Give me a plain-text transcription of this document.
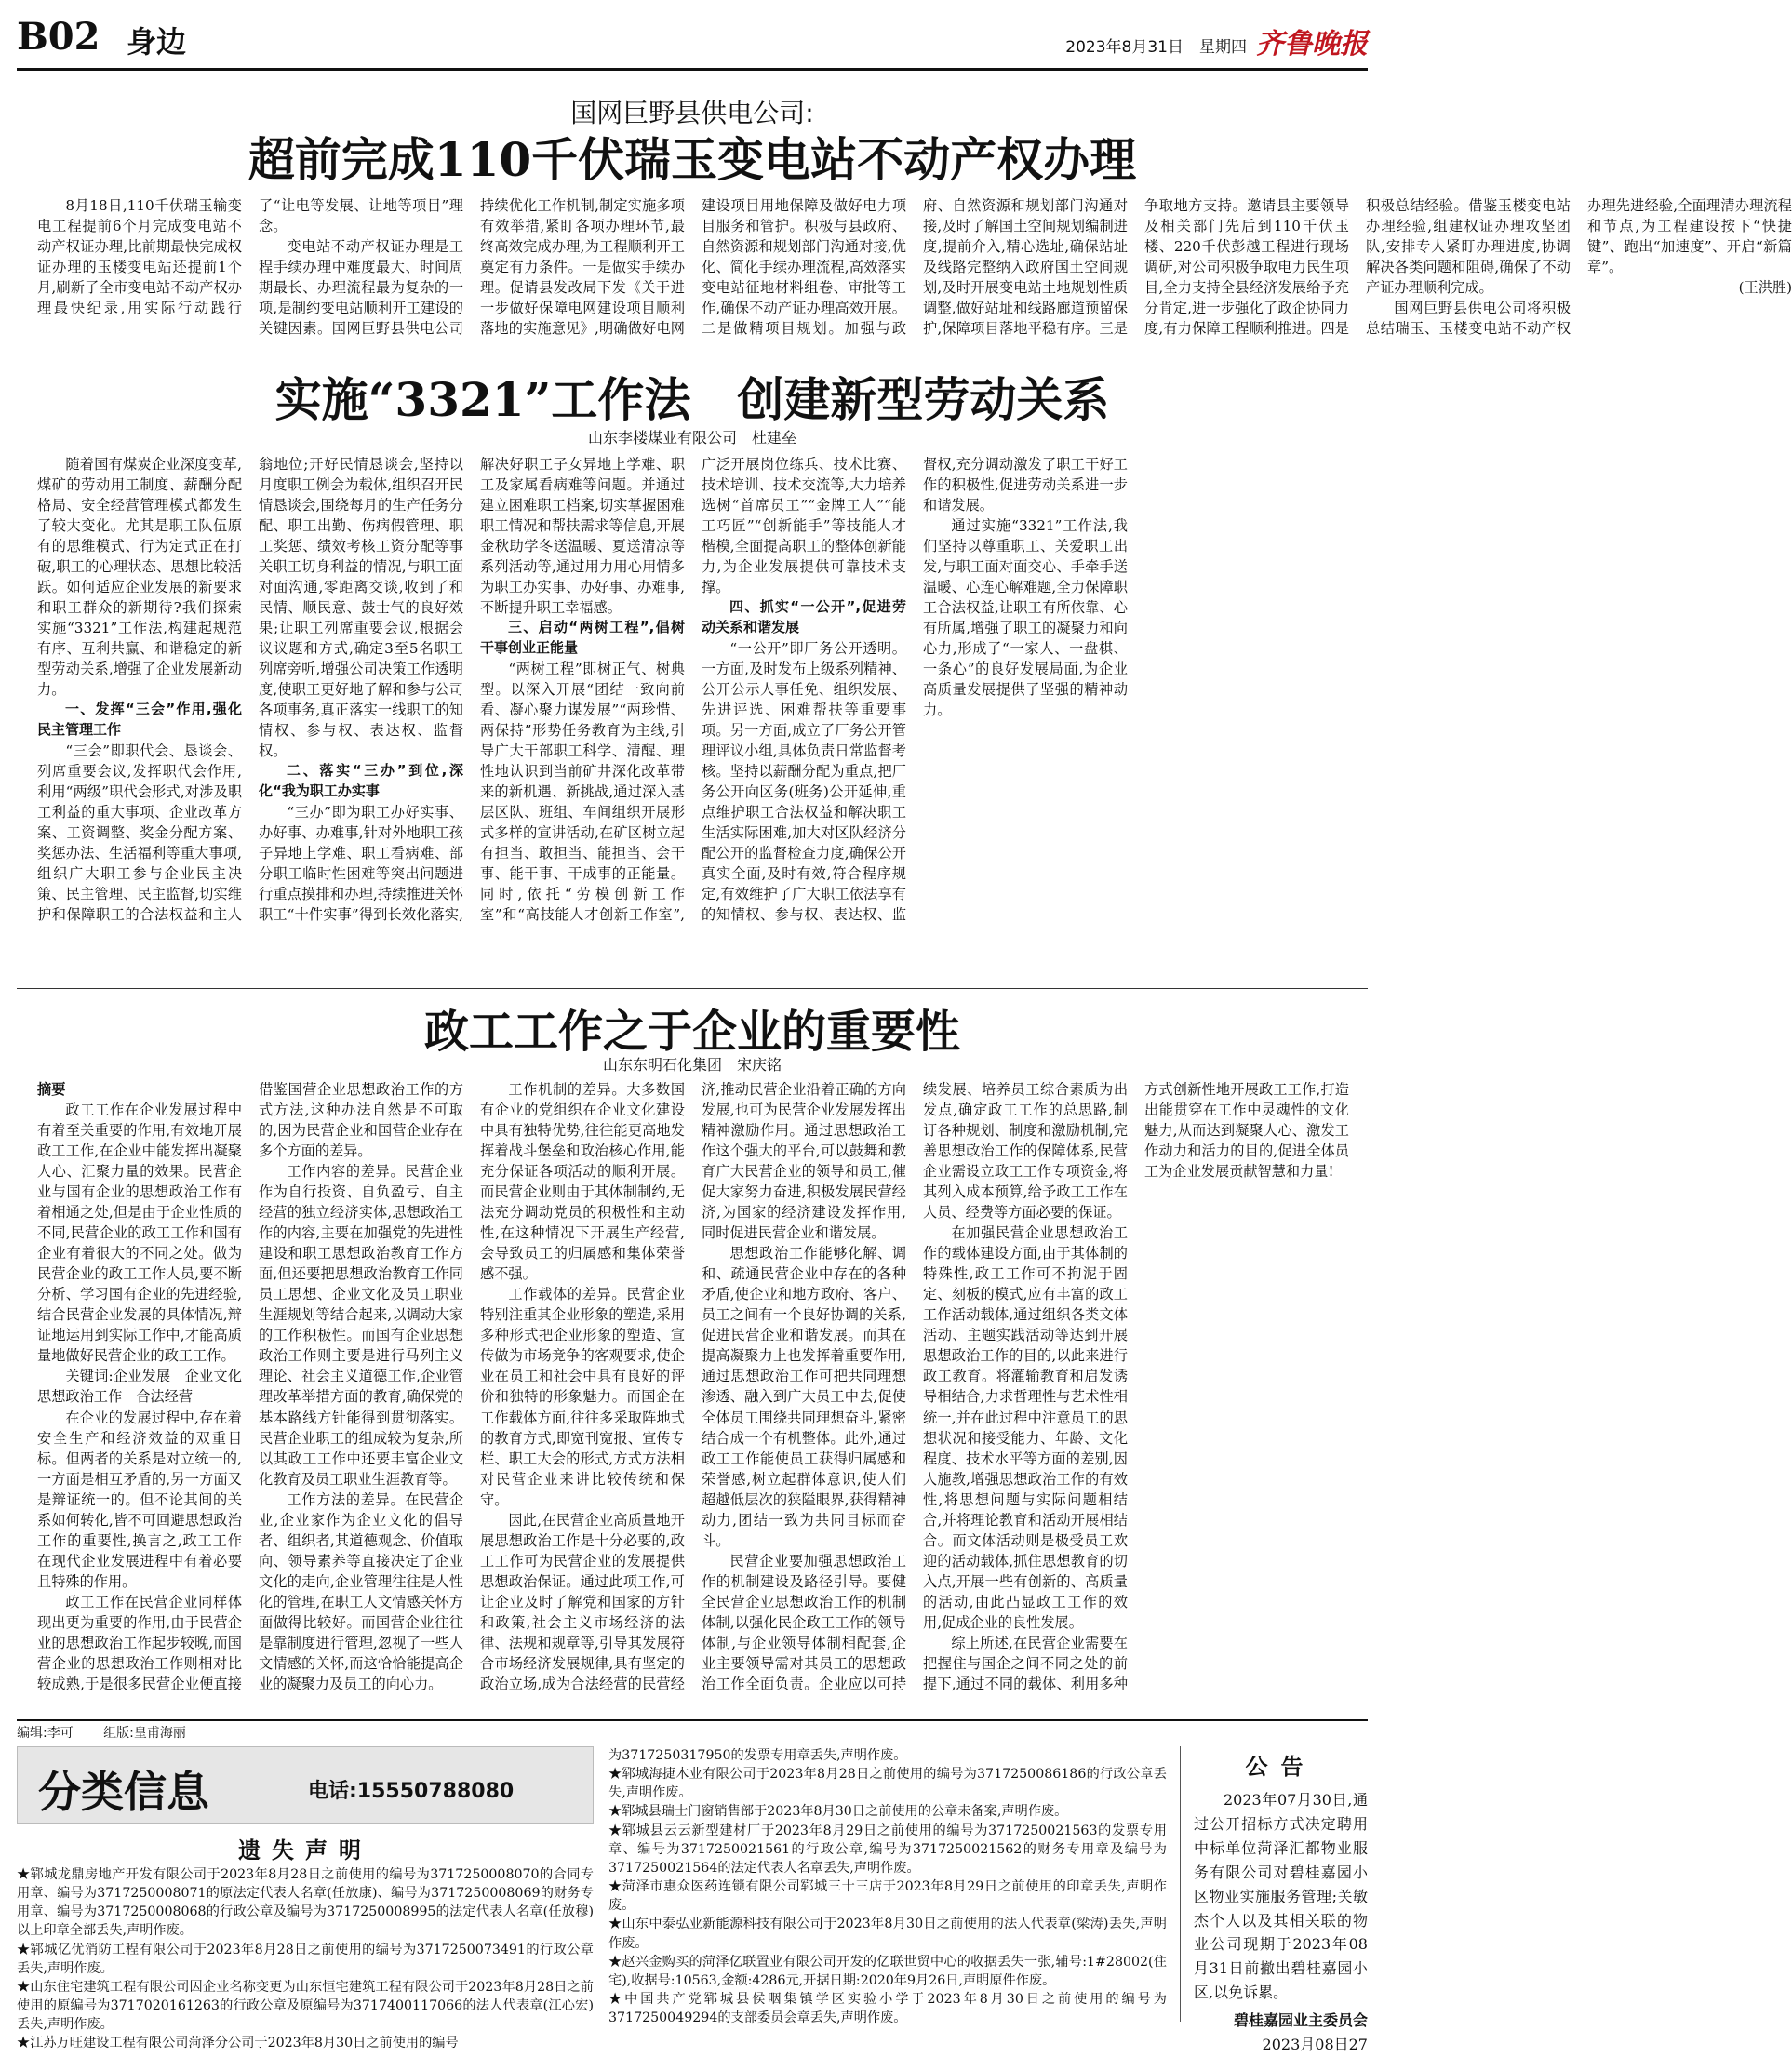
B02 身边	2023年8月31日　星期四 齐鲁晚报
国网巨野县供电公司:
超前完成110千伏瑞玉变电站不动产权办理

8月18日,110千伏瑞玉输变电工程提前6个月完成变电站不动产权证办理,比前期最快完成权证办理的玉楼变电站还提前1个月,刷新了全市变电站不动产权办理最快纪录,用实际行动践行了“让电等发展、让地等项目”理念。

变电站不动产权证办理是工程手续办理中难度最大、时间周期最长、办理流程最为复杂的一项,是制约变电站顺利开工建设的关键因素。国网巨野县供电公司持续优化工作机制,制定实施多项有效举措,紧盯各项办理环节,最终高效完成办理,为工程顺利开工奠定有力条件。一是做实手续办理。促请县发改局下发《关于进一步做好保障电网建设项目顺利落地的实施意见》,明确做好电网建设项目用地保障及做好电力项目服务和管护。积极与县政府、自然资源和规划部门沟通对接,优化、简化手续办理流程,高效落实变电站征地材料组卷、审批等工作,确保不动产证办理高效开展。二是做精项目规划。加强与政府、自然资源和规划部门沟通对接,及时了解国土空间规划编制进度,提前介入,精心选址,确保站址及线路完整纳入政府国土空间规划,及时开展变电站土地规划性质调整,做好站址和线路廊道预留保护,保障项目落地平稳有序。三是争取地方支持。邀请县主要领导及相关部门先后到110千伏玉楼、220千伏彭越工程进行现场调研,对公司积极争取电力民生项目,全力支持全县经济发展给予充分肯定,进一步强化了政企协同力度,有力保障工程顺利推进。四是积极总结经验。借鉴玉楼变电站办理经验,组建权证办理攻坚团队,安排专人紧盯办理进度,协调解决各类问题和阻碍,确保了不动产证办理顺利完成。

国网巨野县供电公司将积极总结瑞玉、玉楼变电站不动产权办理先进经验,全面理清办理流程和节点,为工程建设按下“快捷键”、跑出“加速度”、开启“新篇章”。

(王洪胜)

实施“3321”工作法　创建新型劳动关系
山东李楼煤业有限公司　杜建垒

随着国有煤炭企业深度变革,煤矿的劳动用工制度、薪酬分配格局、安全经营管理模式都发生了较大变化。尤其是职工队伍原有的思维模式、行为定式正在打破,职工的心理状态、思想比较活跃。如何适应企业发展的新要求和职工群众的新期待?我们探索实施“3321”工作法,构建起规范有序、互利共赢、和谐稳定的新型劳动关系,增强了企业发展新动力。

一、发挥“三会”作用,强化民主管理工作

“三会”即职代会、恳谈会、列席重要会议,发挥职代会作用,利用“两级”职代会形式,对涉及职工利益的重大事项、企业改革方案、工资调整、奖金分配方案、奖惩办法、生活福利等重大事项,组织广大职工参与企业民主决策、民主管理、民主监督,切实维护和保障职工的合法权益和主人翁地位;开好民情恳谈会,坚持以月度职工例会为载体,组织召开民情恳谈会,围绕每月的生产任务分配、职工出勤、伤病假管理、职工奖惩、绩效考核工资分配等事关职工切身利益的情况,与职工面对面沟通,零距离交谈,收到了和民情、顺民意、鼓士气的良好效果;让职工列席重要会议,根据会议议题和方式,确定3至5名职工列席旁听,增强公司决策工作透明度,使职工更好地了解和参与公司各项事务,真正落实一线职工的知情权、参与权、表达权、监督权。

二、落实“三办”到位,深化“我为职工办实事

“三办”即为职工办好实事、办好事、办难事,针对外地职工孩子异地上学难、职工看病难、部分职工临时性困难等突出问题进行重点摸排和办理,持续推进关怀职工“十件实事”得到长效化落实,解决好职工子女异地上学难、职工及家属看病难等问题。并通过建立困难职工档案,切实掌握困难职工情况和帮扶需求等信息,开展金秋助学冬送温暖、夏送清凉等系列活动等,通过用力用心用情多为职工办实事、办好事、办难事,不断提升职工幸福感。

三、启动“两树工程”,倡树干事创业正能量

“两树工程”即树正气、树典型。以深入开展“团结一致向前看、凝心聚力谋发展”“两珍惜、两保持”形势任务教育为主线,引导广大干部职工科学、清醒、理性地认识到当前矿井深化改革带来的新机遇、新挑战,通过深入基层区队、班组、车间组织开展形式多样的宣讲活动,在矿区树立起有担当、敢担当、能担当、会干事、能干事、干成事的正能量。同时,依托“劳模创新工作室”和“高技能人才创新工作室”,广泛开展岗位练兵、技术比赛、技术培训、技术交流等,大力培养选树“首席员工”“金牌工人”“能工巧匠”“创新能手”等技能人才楷模,全面提高职工的整体创新能力,为企业发展提供可靠技术支撑。

四、抓实“一公开”,促进劳动关系和谐发展

“一公开”即厂务公开透明。一方面,及时发布上级系列精神、公开公示人事任免、组织发展、先进评选、困难帮扶等重要事项。另一方面,成立了厂务公开管理评议小组,具体负责日常监督考核。坚持以薪酬分配为重点,把厂务公开向区务(班务)公开延伸,重点维护职工合法权益和解决职工生活实际困难,加大对区队经济分配公开的监督检查力度,确保公开真实全面,及时有效,符合程序规定,有效维护了广大职工依法享有的知情权、参与权、表达权、监督权,充分调动激发了职工干好工作的积极性,促进劳动关系进一步和谐发展。

通过实施“3321”工作法,我们坚持以尊重职工、关爱职工出发,与职工面对面交心、手牵手送温暖、心连心解难题,全力保障职工合法权益,让职工有所依靠、心有所属,增强了职工的凝聚力和向心力,形成了“一家人、一盘棋、一条心”的良好发展局面,为企业高质量发展提供了坚强的精神动力。

政工工作之于企业的重要性
山东东明石化集团　宋庆铭

摘要

政工工作在企业发展过程中有着至关重要的作用,有效地开展政工工作,在企业中能发挥出凝聚人心、汇聚力量的效果。民营企业与国有企业的思想政治工作有着相通之处,但是由于企业性质的不同,民营企业的政工工作和国有企业有着很大的不同之处。做为民营企业的政工工作人员,要不断分析、学习国有企业的先进经验,结合民营企业发展的具体情况,辩证地运用到实际工作中,才能高质量地做好民营企业的政工工作。

关键词:企业发展　企业文化　思想政治工作　合法经营

在企业的发展过程中,存在着安全生产和经济效益的双重目标。但两者的关系是对立统一的,一方面是相互矛盾的,另一方面又是辩证统一的。但不论其间的关系如何转化,皆不可回避思想政治工作的重要性,换言之,政工工作在现代企业发展进程中有着必要且特殊的作用。

政工工作在民营企业同样体现出更为重要的作用,由于民营企业的思想政治工作起步较晚,而国营企业的思想政治工作则相对比较成熟,于是很多民营企业便直接借鉴国营企业思想政治工作的方式方法,这种办法自然是不可取的,因为民营企业和国营企业存在多个方面的差异。

工作内容的差异。民营企业作为自行投资、自负盈亏、自主经营的独立经济实体,思想政治工作的内容,主要在加强党的先进性建设和职工思想政治教育工作方面,但还要把思想政治教育工作同员工思想、企业文化及员工职业生涯规划等结合起来,以调动大家的工作积极性。而国有企业思想政治工作则主要是进行马列主义理论、社会主义道德工作,企业管理改革举措方面的教育,确保党的基本路线方针能得到贯彻落实。民营企业职工的组成较为复杂,所以其政工工作中还要丰富企业文化教育及员工职业生涯教育等。

工作方法的差异。在民营企业,企业家作为企业文化的倡导者、组织者,其道德观念、价值取向、领导素养等直接决定了企业文化的走向,企业管理往往是人性化的管理,在职工人文情感关怀方面做得比较好。而国营企业往往是靠制度进行管理,忽视了一些人文情感的关怀,而这恰恰能提高企业的凝聚力及员工的向心力。

工作机制的差异。大多数国有企业的党组织在企业文化建设中具有独特优势,往往能更高地发挥着战斗堡垒和政治核心作用,能充分保证各项活动的顺利开展。而民营企业则由于其体制制约,无法充分调动党员的积极性和主动性,在这种情况下开展生产经营,会导致员工的归属感和集体荣誉感不强。

工作载体的差异。民营企业特别注重其企业形象的塑造,采用多种形式把企业形象的塑造、宣传做为市场竞争的客观要求,使企业在员工和社会中具有良好的评价和独特的形象魅力。而国企在工作载体方面,往往多采取阵地式的教育方式,即宽刊宽报、宣传专栏、职工大会的形式,方式方法相对民营企业来讲比较传统和保守。

因此,在民营企业高质量地开展思想政治工作是十分必要的,政工工作可为民营企业的发展提供思想政治保证。通过此项工作,可让企业及时了解党和国家的方针和政策,社会主义市场经济的法律、法规和规章等,引导其发展符合市场经济发展规律,具有坚定的政治立场,成为合法经营的民营经济,推动民营企业沿着正确的方向发展,也可为民营企业发展发挥出精神激励作用。通过思想政治工作这个强大的平台,可以鼓舞和教育广大民营企业的领导和员工,催促大家努力奋进,积极发展民营经济,为国家的经济建设发挥作用,同时促进民营企业和谐发展。

思想政治工作能够化解、调和、疏通民营企业中存在的各种矛盾,使企业和地方政府、客户、员工之间有一个良好协调的关系,促进民营企业和谐发展。而其在提高凝聚力上也发挥着重要作用,通过思想政治工作可把共同理想渗透、融入到广大员工中去,促使全体员工围绕共同理想奋斗,紧密结合成一个有机整体。此外,通过政工工作能使员工获得归属感和荣誉感,树立起群体意识,使人们超越低层次的狭隘眼界,获得精神动力,团结一致为共同目标而奋斗。

民营企业要加强思想政治工作的机制建设及路径引导。要健全民营企业思想政治工作的机制体制,以强化民企政工工作的领导体制,与企业领导体制相配套,企业主要领导需对其员工的思想政治工作全面负责。企业应以可持续发展、培养员工综合素质为出发点,确定政工工作的总思路,制订各种规划、制度和激励机制,完善思想政治工作的保障体系,民营企业需设立政工工作专项资金,将其列入成本预算,给予政工工作在人员、经费等方面必要的保证。

在加强民营企业思想政治工作的载体建设方面,由于其体制的特殊性,政工工作可不拘泥于固定、刻板的模式,应有丰富的政工工作活动载体,通过组织各类文体活动、主题实践活动等达到开展思想政治工作的目的,以此来进行政工教育。将灌输教育和启发诱导相结合,力求哲理性与艺术性相统一,并在此过程中注意员工的思想状况和接受能力、年龄、文化程度、技术水平等方面的差别,因人施教,增强思想政治工作的有效性,将思想问题与实际问题相结合,并将理论教育和活动开展相结合。而文体活动则是极受员工欢迎的活动载体,抓住思想教育的切入点,开展一些有创新的、高质量的活动,由此凸显政工工作的效用,促成企业的良性发展。

综上所述,在民营企业需要在把握住与国企之间不同之处的前提下,通过不同的载体、利用多种方式创新性地开展政工工作,打造出能贯穿在工作中灵魂性的文化魅力,从而达到凝聚人心、激发工作动力和活力的目的,促进全体员工为企业发展贡献智慧和力量!

编辑:李可 组版:皇甫海丽
分类信息	电话:15550788080
遗失声明

★郓城龙鼎房地产开发有限公司于2023年8月28日之前使用的编号为3717250008070的合同专用章、编号为3717250008071的原法定代表人名章(任放康)、编号为3717250008069的财务专用章、编号为3717250008068的行政公章及编号为3717250008995的法定代表人名章(任放穆)以上印章全部丢失,声明作废。

★郓城亿优消防工程有限公司于2023年8月28日之前使用的编号为3717250073491的行政公章丢失,声明作废。

★山东住宅建筑工程有限公司因企业名称变更为山东恒宅建筑工程有限公司于2023年8月28日之前使用的原编号为3717020161263的行政公章及原编号为3717400117066的法人代表章(江心宏)丢失,声明作废。

★江苏万旺建设工程有限公司菏泽分公司于2023年8月30日之前使用的编号

为3717250317950的发票专用章丢失,声明作废。

★郓城海捷木业有限公司于2023年8月28日之前使用的编号为3717250086186的行政公章丢失,声明作废。

★郓城县瑞士门窗销售部于2023年8月30日之前使用的公章未备案,声明作废。

★郓城县云云新型建材厂于2023年8月29日之前使用的编号为3717250021563的发票专用章、编号为3717250021561的行政公章,编号为3717250021562的财务专用章及编号为3717250021564的法定代表人名章丢失,声明作废。

★菏泽市惠众医药连锁有限公司郓城三十三店于2023年8月29日之前使用的印章丢失,声明作废。

★山东中泰弘业新能源科技有限公司于2023年8月30日之前使用的法人代表章(梁涛)丢失,声明作废。

★赵兴金购买的菏泽亿联置业有限公司开发的亿联世贸中心的收据丢失一张,辅号:1#28002(住宅),收据号:10563,金额:4286元,开据日期:2020年9月26日,声明原件作废。

★中国共产党郓城县侯咽集镇学区实验小学于2023年8月30日之前使用的编号为3717250049294的支部委员会章丢失,声明作废。

公告

2023年07月30日,通过公开招标方式决定聘用中标单位菏泽汇都物业服务有限公司对碧桂嘉园小区物业实施服务管理;关敏杰个人以及其相关联的物业公司现期于2023年08月31日前撤出碧桂嘉园小区,以免诉累。

碧桂嘉园业主委员会

2023月08日27
